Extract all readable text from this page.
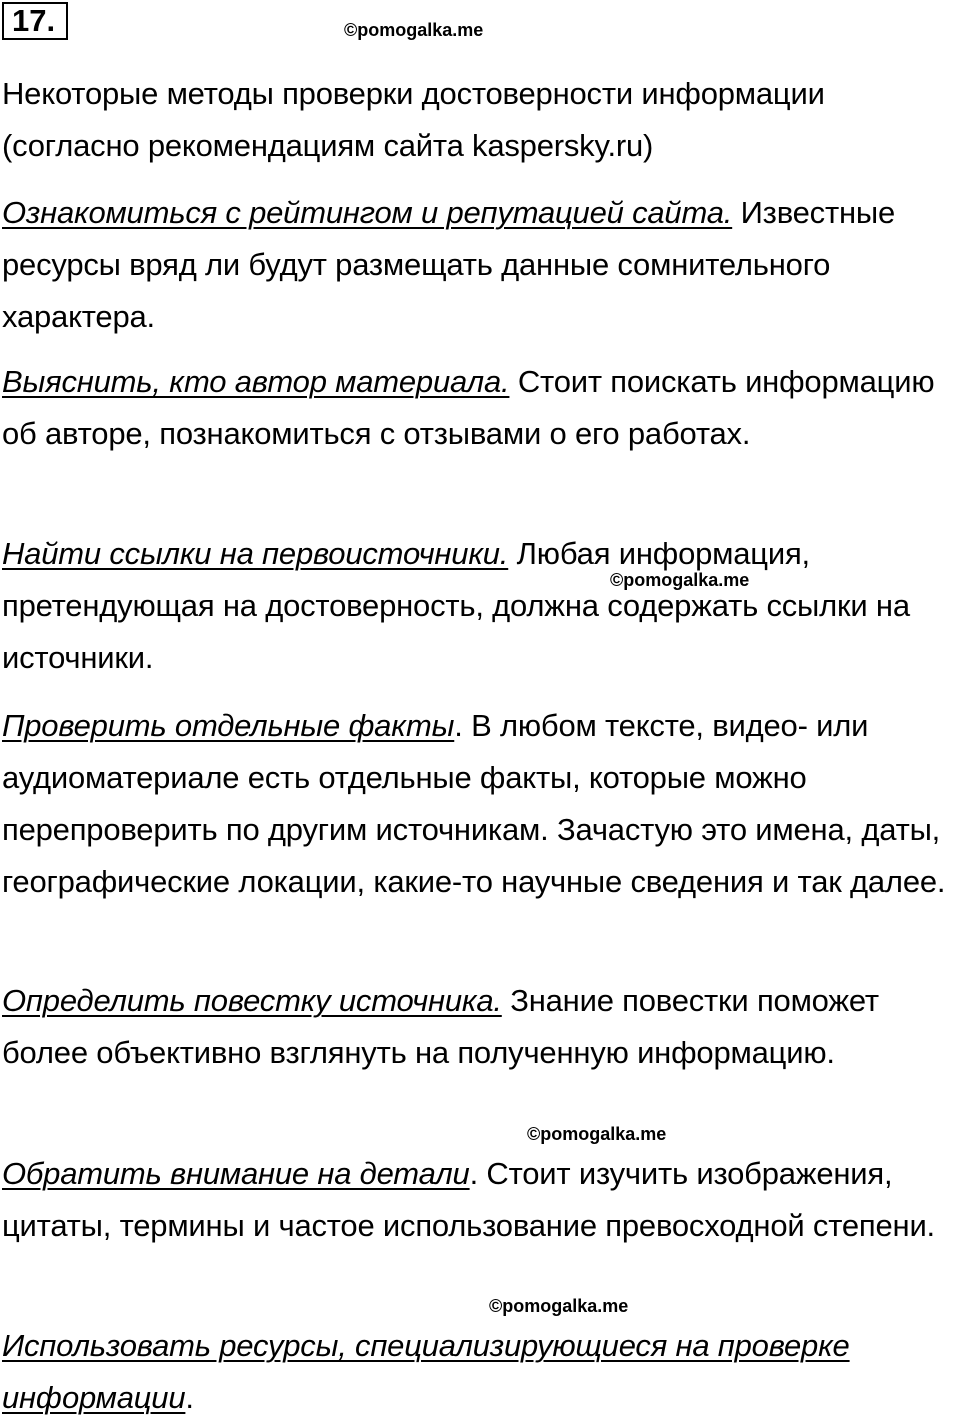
17.	©pomogalka.me
©pomogalka.me
©pomogalka.me
©pomogalka.me
Некоторые методы проверки достоверности информации (согласно рекомендациям сайта kaspersky.ru)
Ознакомиться с рейтингом и репутацией сайта. Известные ресурсы вряд ли будут размещать данные сомнительного характера.
Выяснить, кто автор материала. Стоит поискать информацию об авторе, познакомиться с отзывами о его работах.
Найти ссылки на первоисточники. Любая информация, претендующая на достоверность, должна содержать ссылки на источники.
Проверить отдельные факты. В любом тексте, видео- или аудиоматериале есть отдельные факты, которые можно перепроверить по другим источникам. Зачастую это имена, даты, географические локации, какие-то научные сведения и так далее.
Определить повестку источника. Знание повестки поможет более объективно взглянуть на полученную информацию.
Обратить внимание на детали. Стоит изучить изображения, цитаты, термины и частое использование превосходной степени.
Использовать ресурсы, специализирующиеся на проверке информации.
